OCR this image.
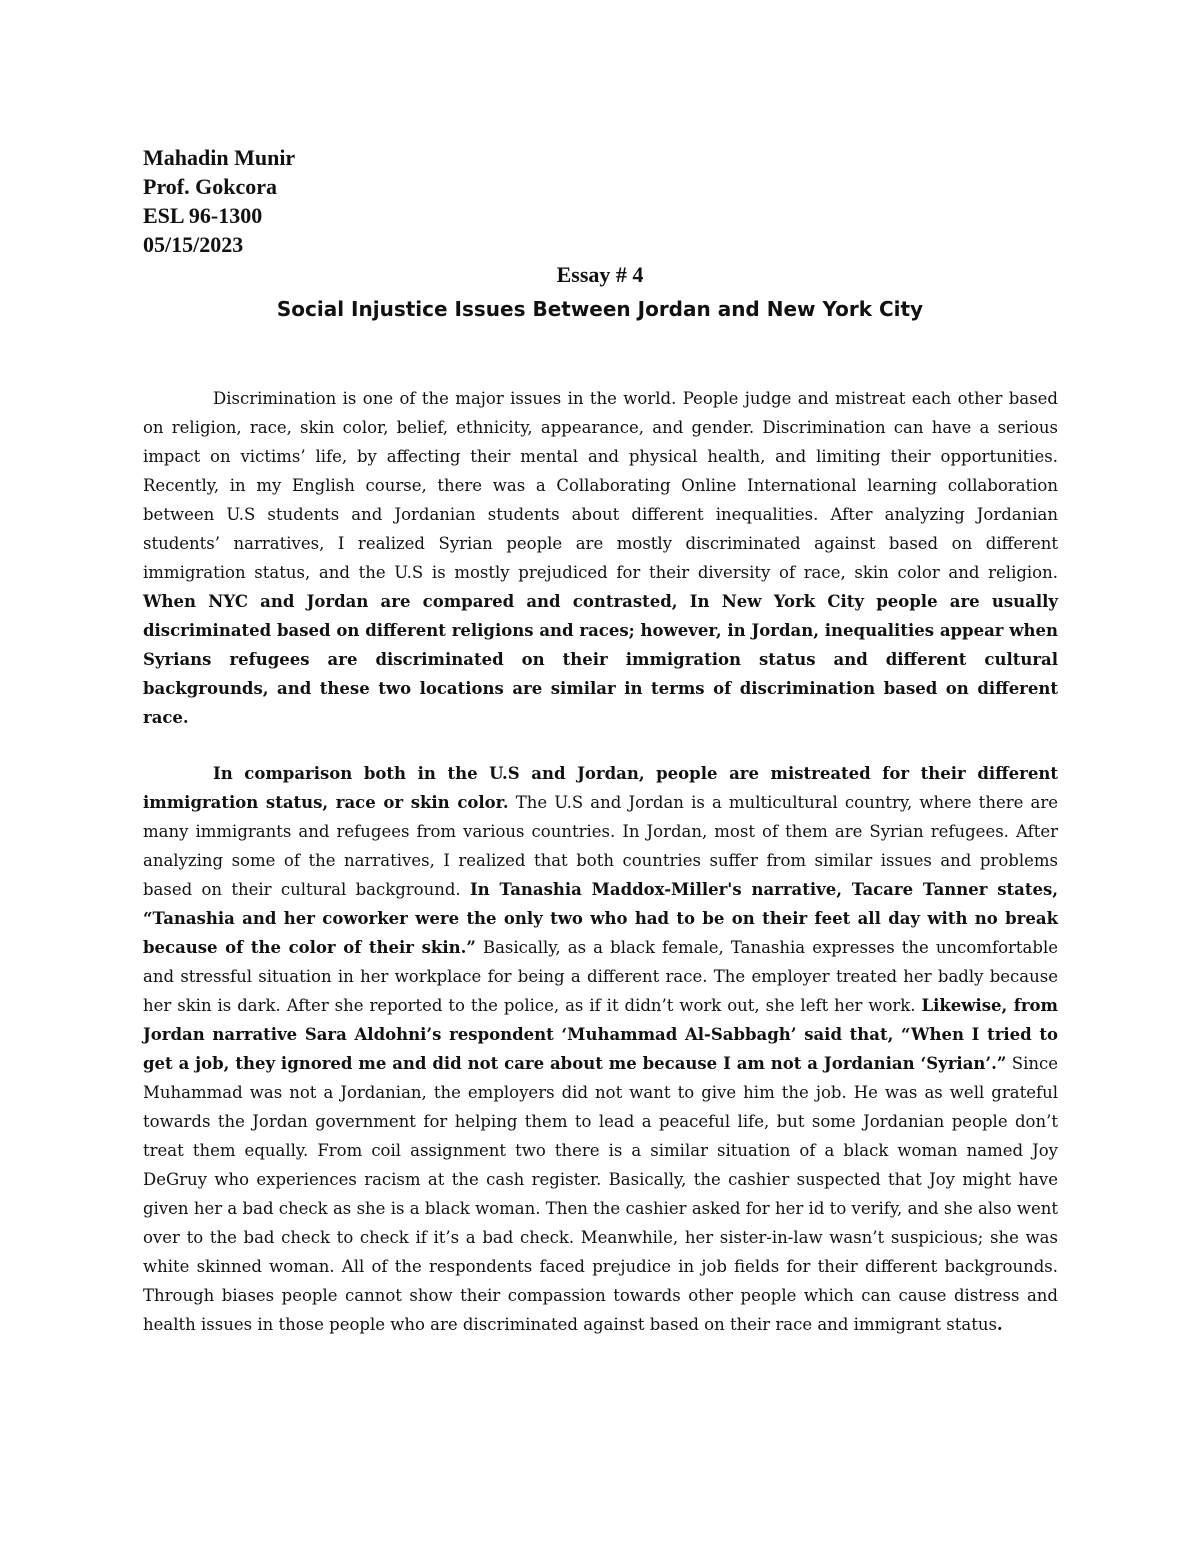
Mahadin Munir
Prof. Gokcora
ESL 96-1300
05/15/2023
Essay # 4
Social Injustice Issues Between Jordan and New York City

Discrimination is one of the major issues in the world. People judge and mistreat each other based on religion, race, skin color, belief, ethnicity, appearance, and gender. Discrimination can have a serious impact on victims’ life, by affecting their mental and physical health, and limiting their opportunities. Recently, in my English course, there was a Collaborating Online International learning collaboration between U.S students and Jordanian students about different inequalities. After analyzing Jordanian students’ narratives, I realized Syrian people are mostly discriminated against based on different immigration status, and the U.S is mostly prejudiced for their diversity of race, skin color and religion. When NYC and Jordan are compared and contrasted, In New York City people are usually discriminated based on different religions and races; however, in Jordan, inequalities appear when Syrians refugees are discriminated on their immigration status and different cultural backgrounds, and these two locations are similar in terms of discrimination based on different race.

In comparison both in the U.S and Jordan, people are mistreated for their different immigration status, race or skin color. The U.S and Jordan is a multicultural country, where there are many immigrants and refugees from various countries. In Jordan, most of them are Syrian refugees. After analyzing some of the narratives, I realized that both countries suffer from similar issues and problems based on their cultural background. In Tanashia Maddox-Miller's narrative, Tacare Tanner states, “Tanashia and her coworker were the only two who had to be on their feet all day with no break because of the color of their skin.” Basically, as a black female, Tanashia expresses the uncomfortable and stressful situation in her workplace for being a different race. The employer treated her badly because her skin is dark. After she reported to the police, as if it didn’t work out, she left her work. Likewise, from Jordan narrative Sara Aldohni’s respondent ‘Muhammad Al-Sabbagh’ said that, “When I tried to get a job, they ignored me and did not care about me because I am not a Jordanian ‘Syrian’.” Since Muhammad was not a Jordanian, the employers did not want to give him the job. He was as well grateful towards the Jordan government for helping them to lead a peaceful life, but some Jordanian people don’t treat them equally. From coil assignment two there is a similar situation of a black woman named Joy DeGruy who experiences racism at the cash register. Basically, the cashier suspected that Joy might have given her a bad check as she is a black woman. Then the cashier asked for her id to verify, and she also went over to the bad check to check if it’s a bad check. Meanwhile, her sister-in-law wasn’t suspicious; she was white skinned woman. All of the respondents faced prejudice in job fields for their different backgrounds. Through biases people cannot show their compassion towards other people which can cause distress and health issues in those people who are discriminated against based on their race and immigrant status.
